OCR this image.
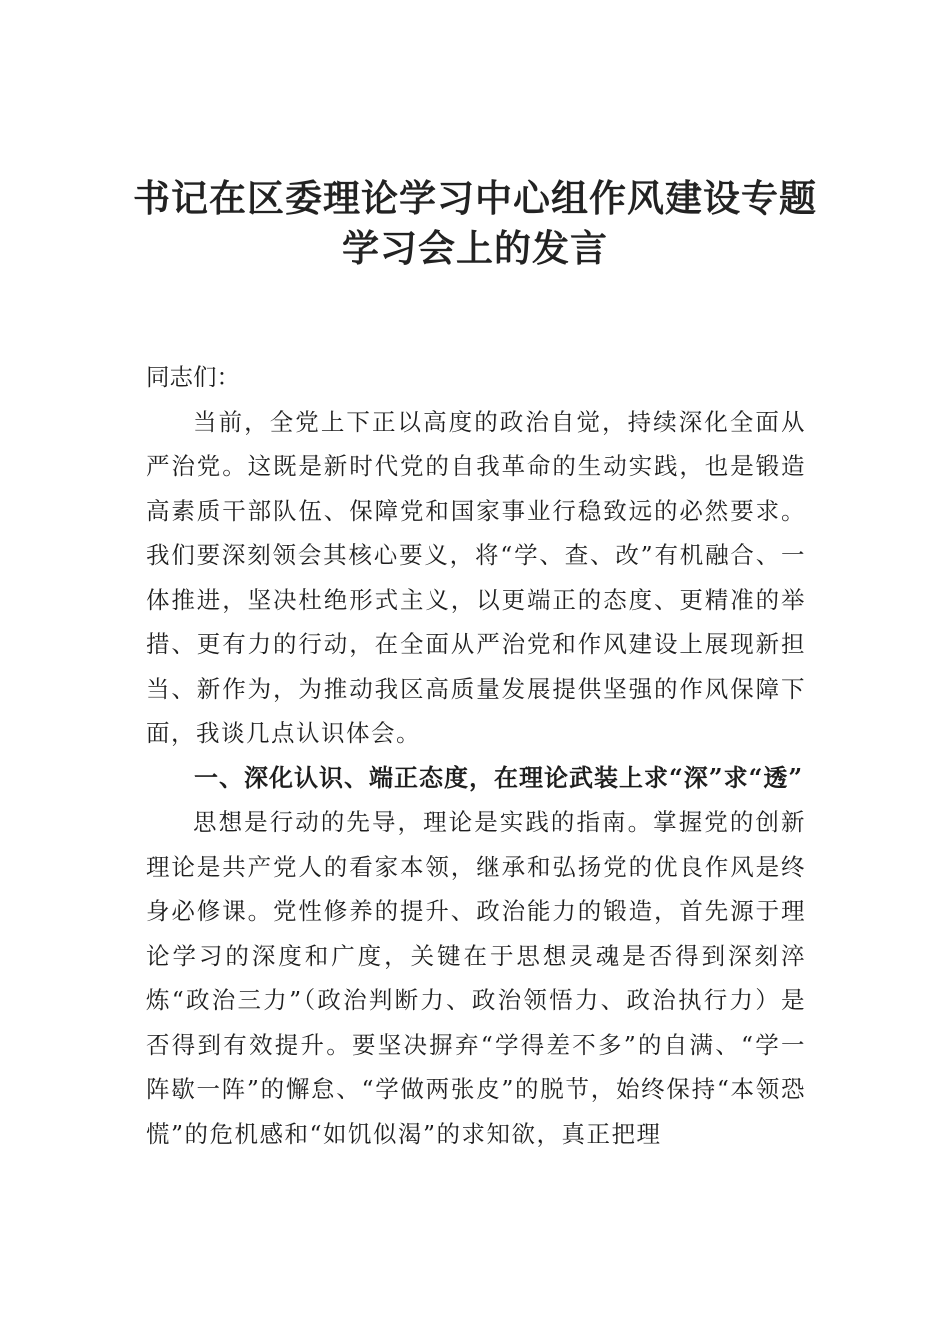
书记在区委理论学习中心组作风建设专题
学习会上的发言

同志们：

当前，全党上下正以高度的政治自觉，持续深化全面从严治党。这既是新时代党的自我革命的生动实践，也是锻造高素质干部队伍、保障党和国家事业行稳致远的必然要求。我们要深刻领会其核心要义，将“学、查、改”有机融合、一体推进，坚决杜绝形式主义，以更端正的态度、更精准的举措、更有力的行动，在全面从严治党和作风建设上展现新担当、新作为，为推动我区高质量发展提供坚强的作风保障下面，我谈几点认识体会。

一、深化认识、端正态度，在理论武装上求“深”求“透”

思想是行动的先导，理论是实践的指南。掌握党的创新理论是共产党人的看家本领，继承和弘扬党的优良作风是终身必修课。党性修养的提升、政治能力的锻造，首先源于理论学习的深度和广度，关键在于思想灵魂是否得到深刻淬炼“政治三力”（政治判断力、政治领悟力、政治执行力）是否得到有效提升。要坚决摒弃“学得差不多”的自满、“学一阵歇一阵”的懈怠、“学做两张皮”的脱节，始终保持“本领恐慌”的危机感和“如饥似渴”的求知欲，真正把理
